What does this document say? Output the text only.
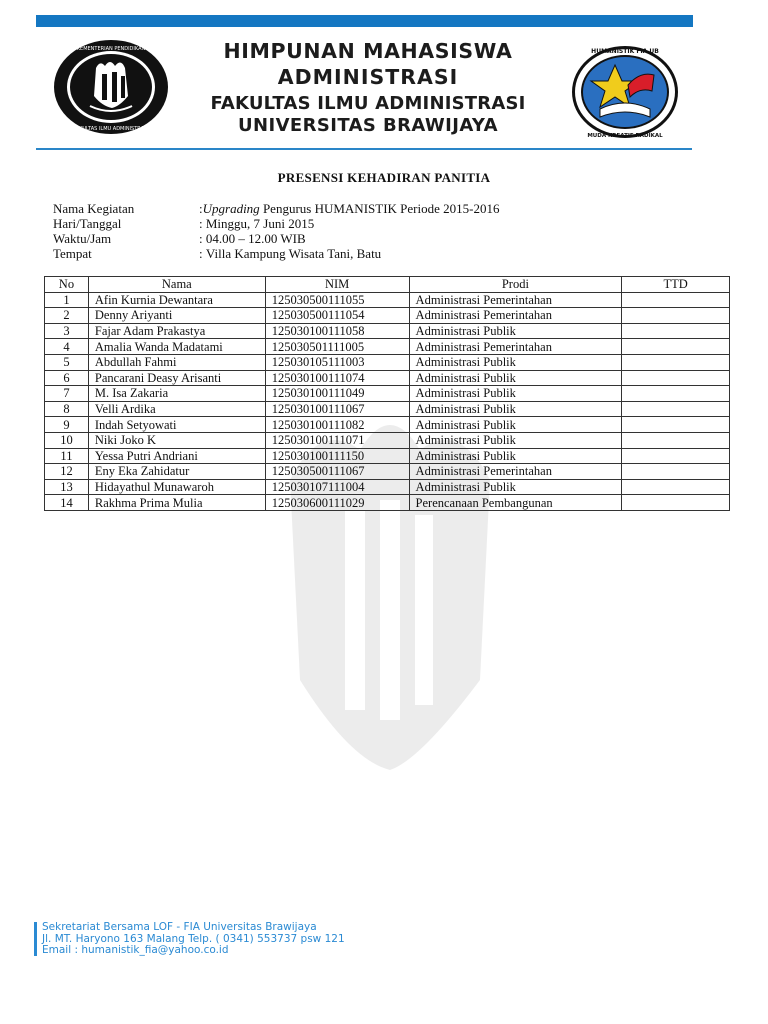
KEMENTERIAN PENDIDIKAN
FAKULTAS ILMU ADMINISTRASI
HIMPUNAN MAHASISWA
ADMINISTRASI
FAKULTAS ILMU ADMINISTRASI
UNIVERSITAS BRAWIJAYA
HUMANISTIK FIA UB
MUDA KREATIF RADIKAL
PRESENSI KEHADIRAN PANITIA
Nama Kegiatan	: Upgrading Pengurus HUMANISTIK Periode 2015-2016
Hari/Tanggal	: Minggu, 7 Juni 2015
Waktu/Jam	: 04.00 – 12.00 WIB
Tempat	: Villa Kampung Wisata Tani, Batu
No	Nama	NIM	Prodi	TTD
1	Afin Kurnia Dewantara	125030500111055	Administrasi Pemerintahan	
2	Denny Ariyanti	125030500111054	Administrasi Pemerintahan	
3	Fajar Adam Prakastya	125030100111058	Administrasi Publik	
4	Amalia Wanda Madatami	125030501111005	Administrasi Pemerintahan	
5	Abdullah Fahmi	125030105111003	Administrasi Publik	
6	Pancarani Deasy Arisanti	125030100111074	Administrasi Publik	
7	M. Isa Zakaria	125030100111049	Administrasi Publik	
8	Velli Ardika	125030100111067	Administrasi Publik	
9	Indah Setyowati	125030100111082	Administrasi Publik	
10	Niki Joko K	125030100111071	Administrasi Publik	
11	Yessa Putri Andriani	125030100111150	Administrasi Publik	
12	Eny Eka Zahidatur	125030500111067	Administrasi Pemerintahan	
13	Hidayathul Munawaroh	125030107111004	Administrasi Publik	
14	Rakhma Prima Mulia	125030600111029	Perencanaan Pembangunan	
Sekretariat Bersama LOF - FIA Universitas Brawijaya
Jl. MT. Haryono 163 Malang Telp. ( 0341) 553737 psw 121
Email : humanistik_fia@yahoo.co.id
